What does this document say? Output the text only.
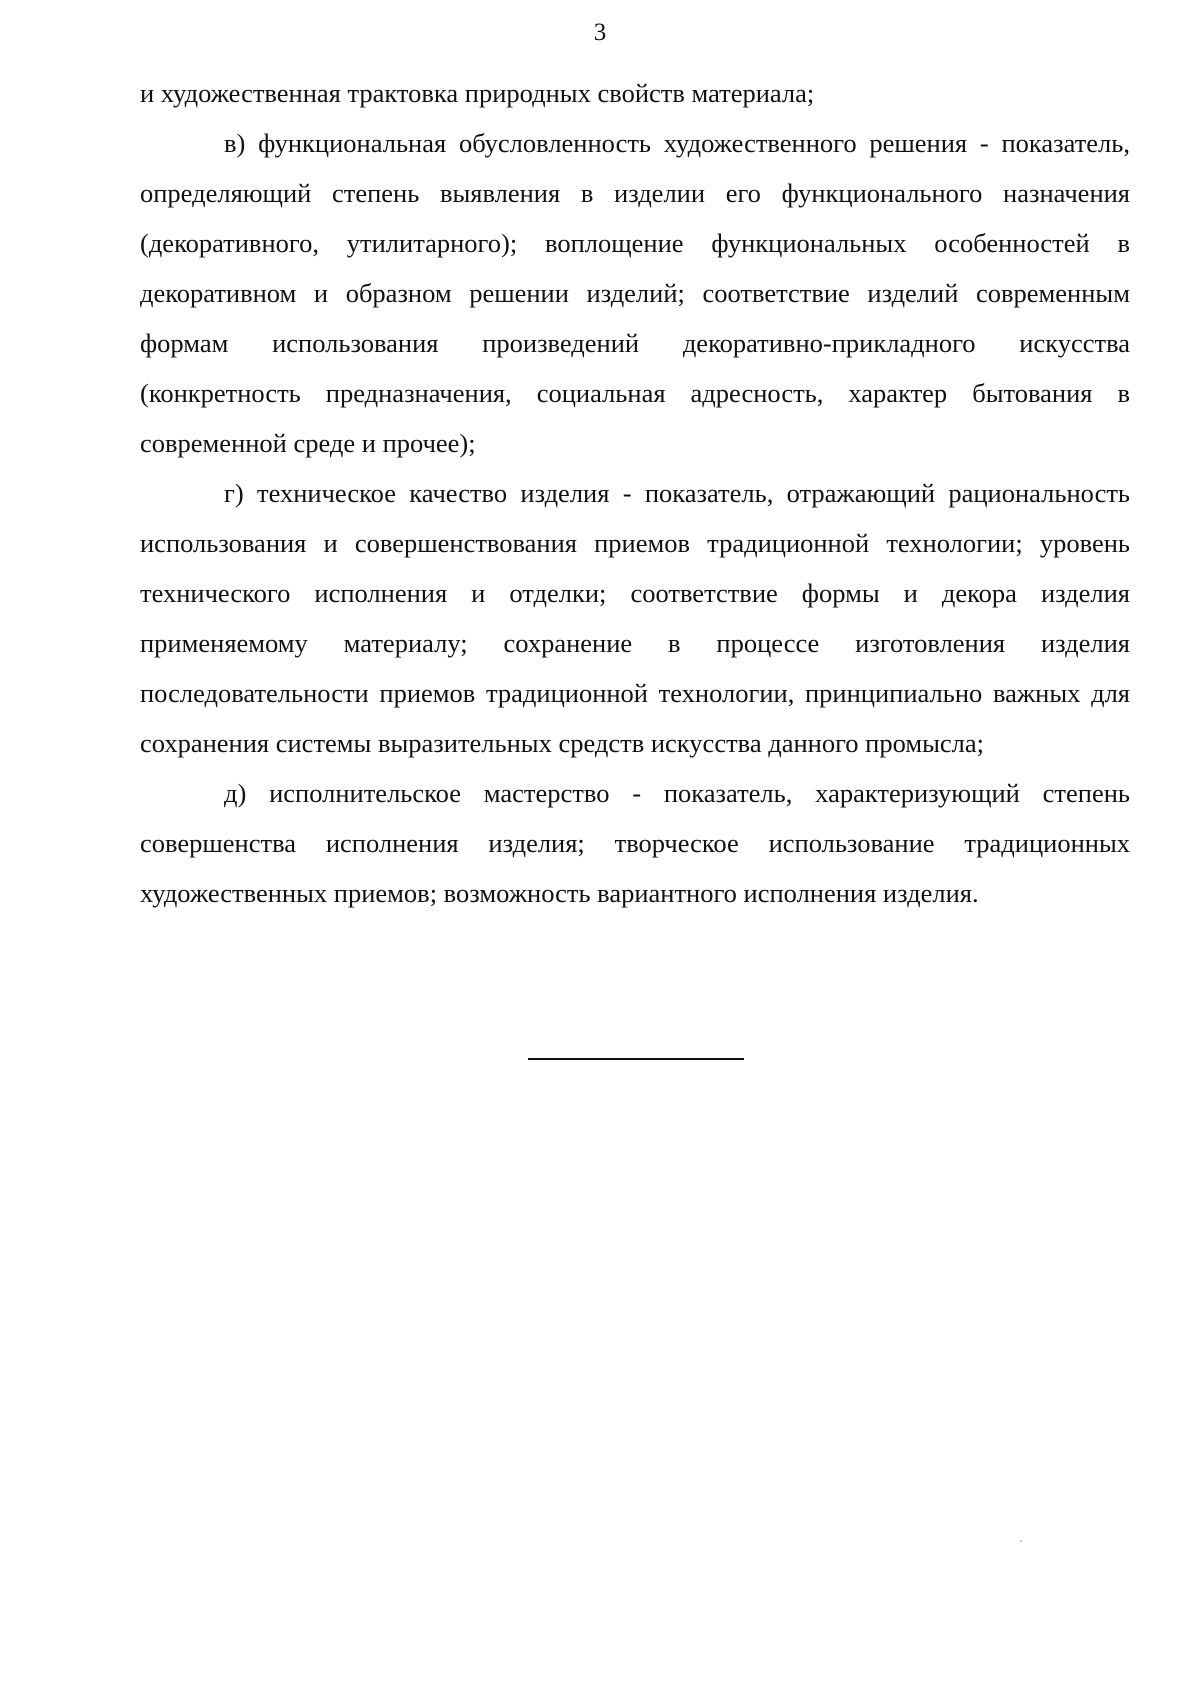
3

и художественная трактовка природных свойств материала;

в) функциональная обусловленность художественного решения - показатель, определяющий степень выявления в изделии его функционального назначения (декоративного, утилитарного); воплощение функциональных особенностей в декоративном и образном решении изделий; соответствие изделий современным формам использования произведений декоративно-прикладного искусства (конкретность предназначения, социальная адресность, характер бытования в современной среде и прочее);

г) техническое качество изделия - показатель, отражающий рациональность использования и совершенствования приемов традиционной технологии; уровень технического исполнения и отделки; соответствие формы и декора изделия применяемому материалу; сохранение в процессе изготовления изделия последовательности приемов традиционной технологии, принципиально важных для сохранения системы выразительных средств искусства данного промысла;

д) исполнительское мастерство - показатель, характеризующий степень совершенства исполнения изделия; творческое использование традиционных художественных приемов; возможность вариантного исполнения изделия.
